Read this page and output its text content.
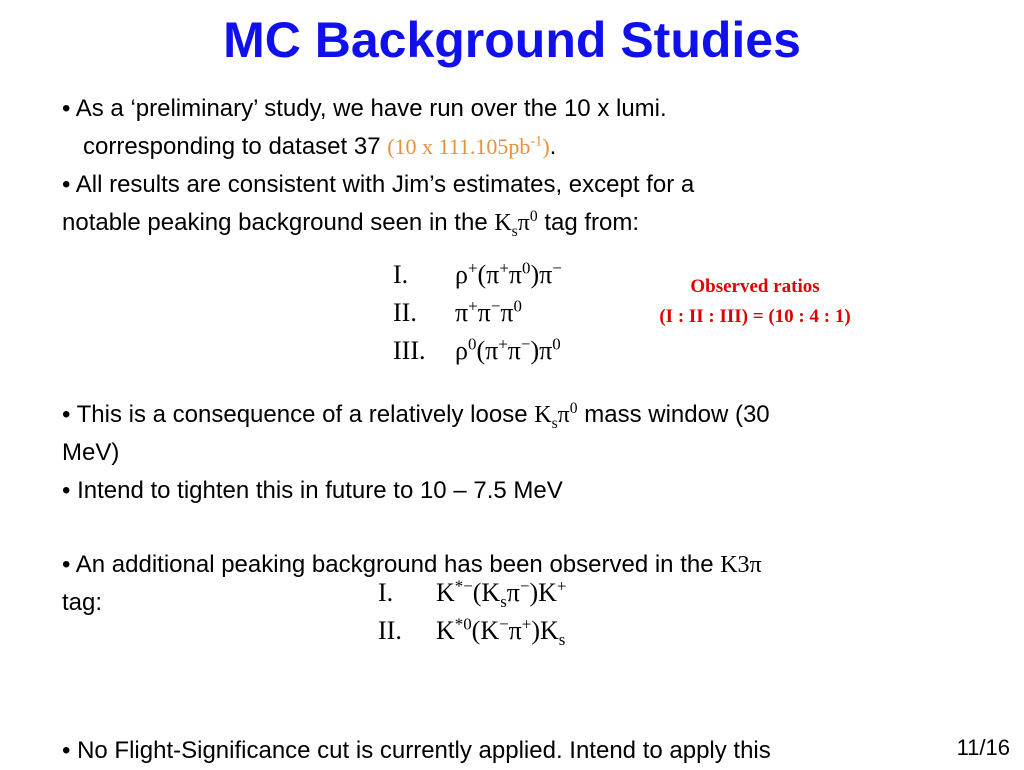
MC Background Studies
• As a ‘preliminary’ study, we have run over the 10 x lumi.
corresponding to dataset 37 (10 x $111.105pb^{-1}$).
• All results are consistent with Jim’s estimates, except for a
notable peaking background seen in the $K_s\pi^0$ tag from:
I.	$\rho^+(\pi^+\pi^0)\pi^-$
II.	$\pi^+\pi^-\pi^0$
III.	$\rho^0(\pi^+\pi^-)\pi^0$
Observed ratios
(I : II : III) = (10 : 4 : 1)
• This is a consequence of a relatively loose $K_s\pi^0$ mass window (30
MeV)
• Intend to tighten this in future to 10 – 7.5 MeV
• An additional peaking background has been observed in the K3π
tag:	I.	$K^{*-}(K_s\pi^-)K^+$
II.	$K^{*0}(K^-\pi^+)K_s$
• No Flight-Significance cut is currently applied. Intend to apply this	11/16
